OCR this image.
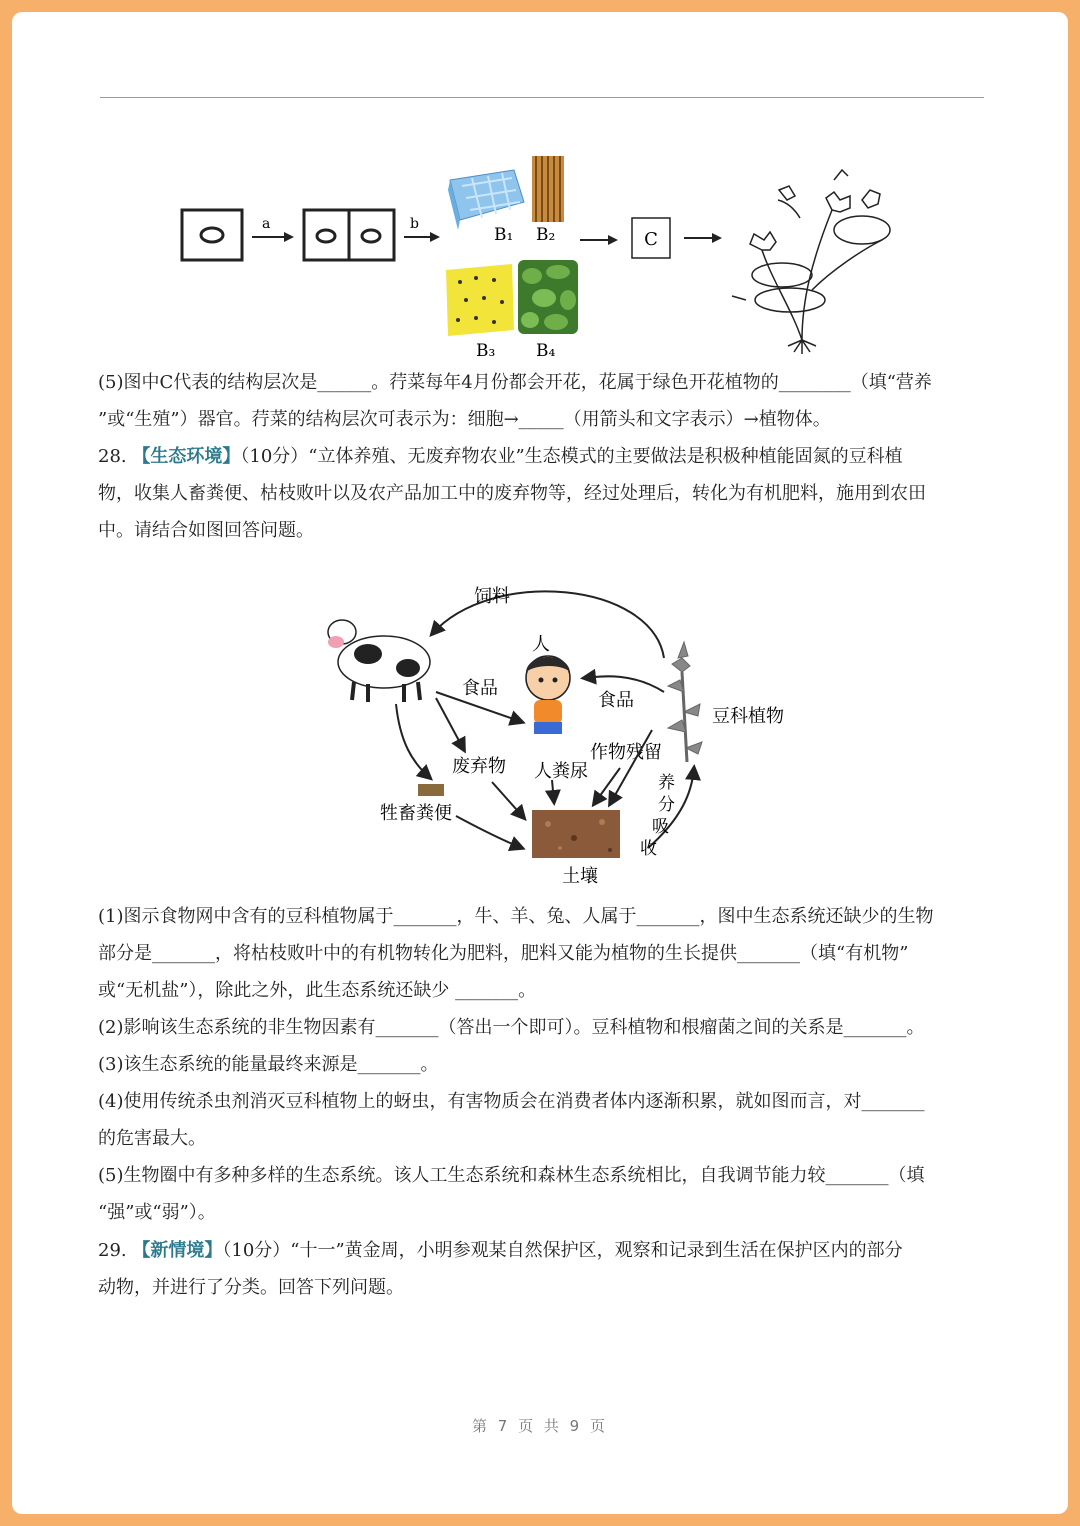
a	b
B₁ B₂
B₃ B₄
C
(5)图中C代表的结构层次是______。荇菜每年4月份都会开花，花属于绿色开花植物的________（填“营养
”或“生殖”）器官。荇菜的结构层次可表示为：细胞→_____（用箭头和文字表示）→植物体。
28. 【生态环境】（10分）“立体养殖、无废弃物农业”生态模式的主要做法是积极种植能固氮的豆科植
物，收集人畜粪便、枯枝败叶以及农产品加工中的废弃物等，经过处理后，转化为有机肥料，施用到农田
中。请结合如图回答问题。
饲料
人
豆科植物
食品
食品
废弃物
牲畜粪便
人粪尿
作物残留
土壤
养分吸收
(1)图示食物网中含有的豆科植物属于_______，牛、羊、兔、人属于_______，图中生态系统还缺少的生物
部分是_______，将枯枝败叶中的有机物转化为肥料，肥料又能为植物的生长提供_______（填“有机物”
或“无机盐”），除此之外，此生态系统还缺少 _______。
(2)影响该生态系统的非生物因素有_______（答出一个即可）。豆科植物和根瘤菌之间的关系是_______。
(3)该生态系统的能量最终来源是_______。
(4)使用传统杀虫剂消灭豆科植物上的蚜虫，有害物质会在消费者体内逐渐积累，就如图而言，对_______
的危害最大。
(5)生物圈中有多种多样的生态系统。该人工生态系统和森林生态系统相比，自我调节能力较_______（填
“强”或“弱”）。
29. 【新情境】（10分）“十一”黄金周，小明参观某自然保护区，观察和记录到生活在保护区内的部分
动物，并进行了分类。回答下列问题。
第 7 页 共 9 页
